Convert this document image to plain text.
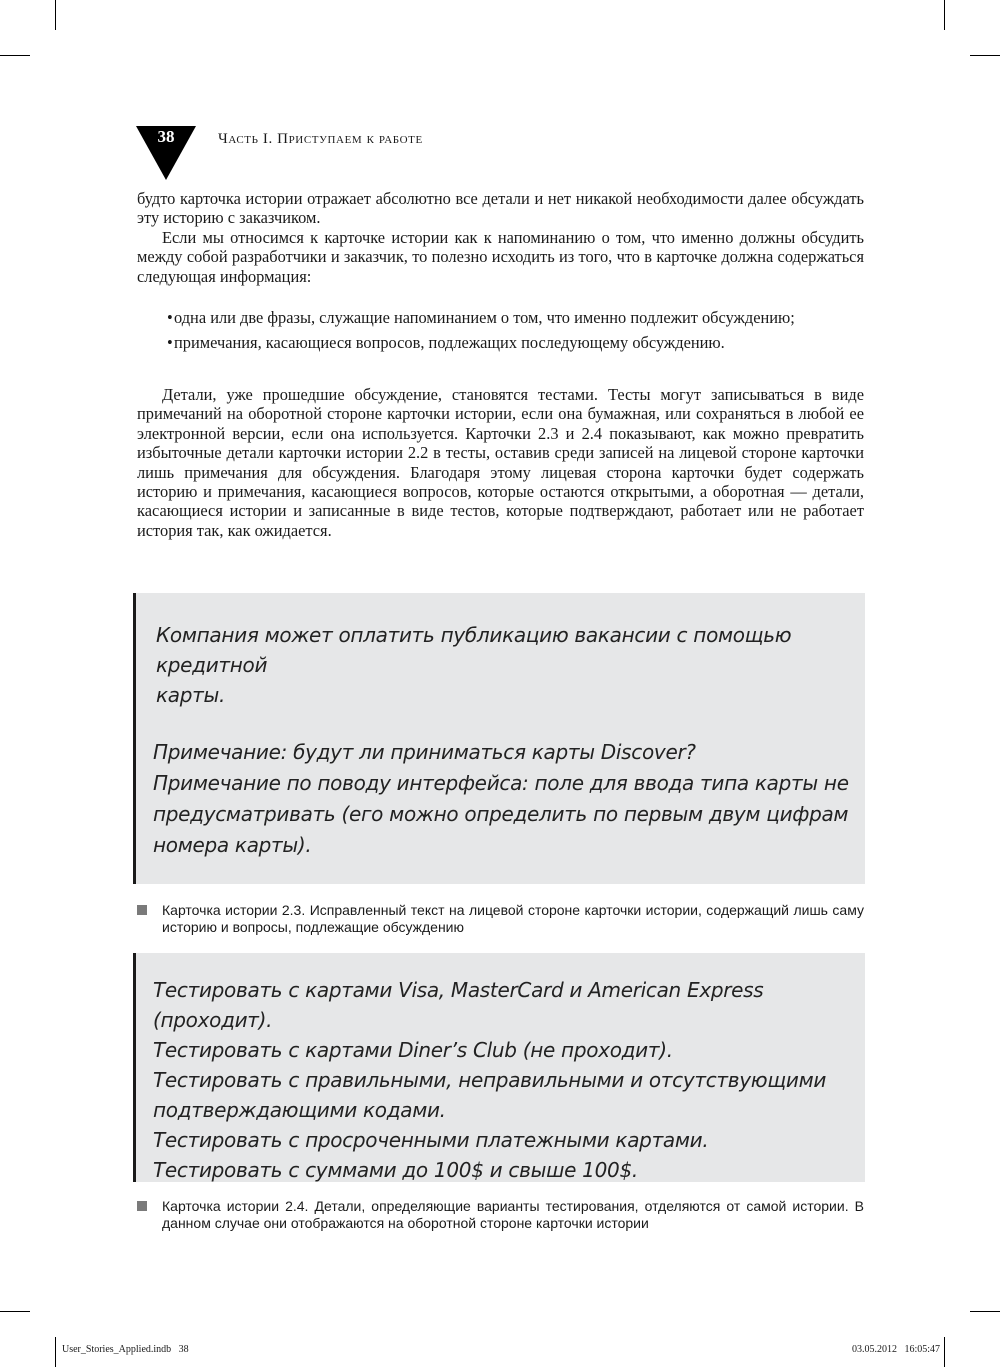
38	Часть I. Приступаем к работе

будто карточка истории отражает абсолютно все детали и нет никакой необходимости далее обсуждать эту историю с заказчиком.

Если мы относимся к карточке истории как к напоминанию о том, что именно должны обсудить между собой разработчики и заказчик, то полезно исходить из того, что в карточке должна содержаться следующая информация:

• одна или две фразы, служащие напоминанием о том, что именно подлежит обсуждению;
• примечания, касающиеся вопросов, подлежащих последующему обсуждению.

Детали, уже прошедшие обсуждение, становятся тестами. Тесты могут записываться в виде примечаний на оборотной стороне карточки истории, если она бумажная, или сохраняться в любой ее электронной версии, если она используется. Карточки 2.3 и 2.4 показывают, как можно превратить избыточные детали карточки истории 2.2 в тесты, оставив среди записей на лицевой стороне карточки лишь примечания для обсуждения. Благодаря этому лицевая сторона карточки будет содержать историю и примечания, касающиеся вопросов, которые остаются открытыми, а оборотная — детали, касающиеся истории и записанные в виде тестов, которые подтверждают, работает или не работает история так, как ожидается.

Компания может оплатить публикацию вакансии с помощью кредитной
карты.
Примечание: будут ли приниматься карты Discover?
Примечание по поводу интерфейса: поле для ввода типа карты не
предусматривать (его можно определить по первым двум цифрам
номера карты).
Карточка истории 2.3. Исправленный текст на лицевой стороне карточки истории, содержащий лишь саму историю и вопросы, подлежащие обсуждению
Тестировать с картами Visa, MasterCard и American Express (проходит).
Тестировать с картами Diner’s Club (не проходит).
Тестировать с правильными, неправильными и отсутствующими
подтверждающими кодами.
Тестировать с просроченными платежными картами.
Тестировать с суммами до 100$ и свыше 100$.
Карточка истории 2.4. Детали, определяющие варианты тестирования, отделяются от самой истории. В данном случае они отображаются на оборотной стороне карточки истории
User_Stories_Applied.indb   38	03.05.2012   16:05:47
